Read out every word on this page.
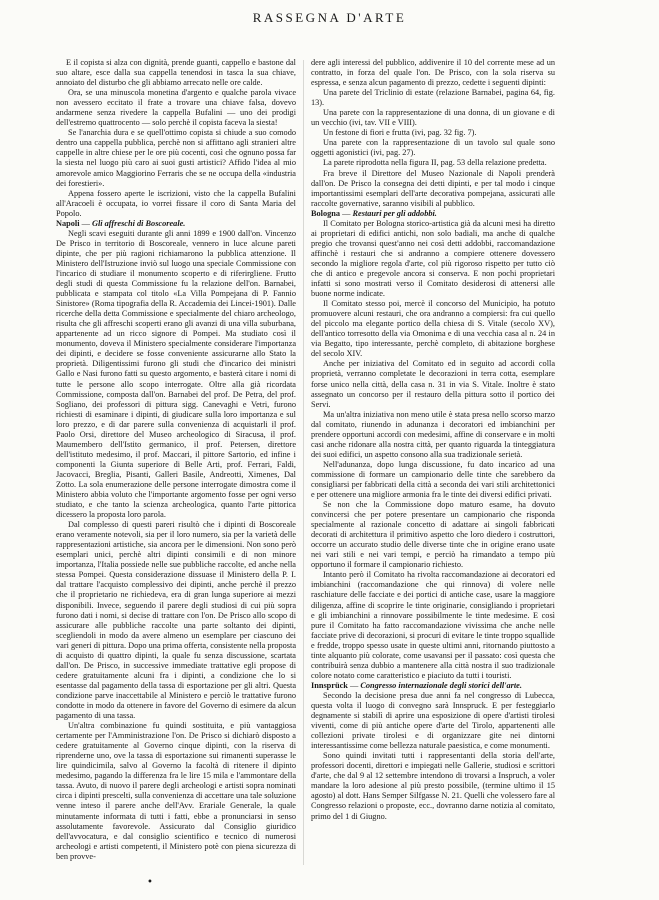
RASSEGNA D'ARTE

E il copista si alza con dignità, prende guanti, cappello e bastone dal suo altare, esce dalla sua cappella tenendosi in tasca la sua chiave, annoiato del disturbo che gli abbiamo arrecato nelle ore calde.

Ora, se una minuscola monetina d'argento e qualche parola vivace non avessero eccitato il frate a trovare una chiave falsa, dovevo andarmene senza rivedere la cappella Bufalini — uno dei prodigi dell'estremo quattrocento — solo perchè il copista faceva la siesta!

Se l'anarchia dura e se quell'ottimo copista si chiude a suo comodo dentro una cappella pubblica, perchè non si affittano agli stranieri altre cappelle in altre chiese per le ore più cocenti, così che ognuno possa far la siesta nel luogo più caro ai suoi gusti artistici? Affido l'idea al mio amorevole amico Maggiorino Ferraris che se ne occupa della «industria dei forestieri».

Appena fossero aperte le iscrizioni, visto che la cappella Bufalini all'Aracoeli è occupata, io vorrei fissare il coro di Santa Maria del Popolo.

Napoli — Gli affreschi di Boscoreale.

Negli scavi eseguiti durante gli anni 1899 e 1900 dall'on. Vincenzo De Prisco in territorio di Boscoreale, vennero in luce alcune pareti dipinte, che per più ragioni richiamarono la pubblica attenzione. Il Ministero dell'Istruzione inviò sul luogo una speciale Commissione con l'incarico di studiare il monumento scoperto e di riferirgliene. Frutto degli studi di questa Commissione fu la relazione dell'on. Barnabei, pubblicata e stampata col titolo «La Villa Pompejana di P. Fannio Sinistore» (Roma tipografia della R. Accademia dei Lincei-1901). Dalle ricerche della detta Commissione e specialmente del chiaro archeologo, risulta che gli affreschi scoperti erano gli avanzi di una villa suburbana, appartenente ad un ricco signore di Pompei. Ma studiato così il monumento, doveva il Ministero specialmente considerare l'importanza dei dipinti, e decidere se fosse conveniente assicurarne allo Stato la proprietà. Diligentissimi furono gli studi che d'incarico dei ministri Gallo e Nasi furono fatti su questo argomento, e basterà citare i nomi di tutte le persone allo scopo interrogate. Oltre alla già ricordata Commissione, composta dall'on. Barnabei del prof. De Petra, del prof. Sogliano, dei professori di pittura sigg. Canevaghi e Vetri, furono richiesti di esaminare i dipinti, di giudicare sulla loro importanza e sul loro prezzo, e di dar parere sulla convenienza di acquistarli il prof. Paolo Orsi, direttore del Museo archeologico di Siracusa, il prof. Maumembero dell'Istito germanico, il prof. Petersen, direttore dell'istituto medesimo, il prof. Maccari, il pittore Sartorio, ed infine i componenti la Giunta superiore di Belle Arti, prof. Ferrari, Faldi, Jacovacci, Breglia, Pisanti, Galleri Basile, Andreotti, Ximenes, Dal Zotto. La sola enumerazione delle persone interrogate dimostra come il Ministero abbia voluto che l'importante argomento fosse per ogni verso studiato, e che tanto la scienza archeologica, quanto l'arte pittorica dicessero la proposta loro parola.

Dal complesso di questi pareri risultò che i dipinti di Boscoreale erano veramente notevoli, sia per il loro numero, sia per la varietà delle rappresentazioni artistiche, sia ancora per le dimensioni. Non sono però esemplari unici, perchè altri dipinti consimili e di non minore importanza, l'Italia possiede nelle sue pubbliche raccolte, ed anche nella stessa Pompei. Questa considerazione dissuase il Ministero della P. I. dal trattare l'acquisto complessivo dei dipinti, anche perchè il prezzo che il proprietario ne richiedeva, era di gran lunga superiore ai mezzi disponibili. Invece, seguendo il parere degli studiosi di cui più sopra furono dati i nomi, si decise di trattare con l'on. De Prisco allo scopo di assicurare alle pubbliche raccolte una parte soltanto dei dipinti, scegliendoli in modo da avere almeno un esemplare per ciascuno dei vari generi di pittura. Dopo una prima offerta, consistente nella proposta di acquisto di quattro dipinti, la quale fu senza discussione, scartata dall'on. De Prisco, in successive immediate trattative egli propose di cedere gratuitamente alcuni fra i dipinti, a condizione che lo si esentasse dal pagamento della tassa di esportazione per gli altri. Questa condizione parve inaccettabile al Ministero e perciò le trattative furono condotte in modo da ottenere in favore del Governo di esimere da alcun pagamento di una tassa.

Un'altra combinazione fu quindi sostituita, e più vantaggiosa certamente per l'Amministrazione l'on. De Prisco si dichiarò disposto a cedere gratuitamente al Governo cinque dipinti, con la riserva di riprenderne uno, ove la tassa di esportazione sui rimanenti superasse le lire quindicimila, salvo al Governo la facoltà di ritenere il dipinto medesimo, pagando la differenza fra le lire 15 mila e l'ammontare della tassa. Avuto, di nuovo il parere degli archeologi e artisti sopra nominati circa i dipinti prescelti, sulla convenienza di accettare una tale soluzione venne inteso il parere anche dell'Avv. Erariale Generale, la quale minutamente informata di tutti i fatti, ebbe a pronunciarsi in senso assolutamente favorevole. Assicurato dal Consiglio giuridico dell'avvocatura, e dal consiglio scientifico e tecnico di numerosi archeologi e artisti competenti, il Ministero potè con piena sicurezza di ben provve-

dere agli interessi del pubblico, addivenire il 10 del corrente mese ad un contratto, in forza del quale l'on. De Prisco, con la sola riserva su espressa, e senza alcun pagamento di prezzo, cedette i seguenti dipinti:

Una parete del Triclinio di estate (relazione Barnabei, pagina 64, fig. 13).

Una parete con la rappresentazione di una donna, di un giovane e di un vecchio (ivi, tav. VII e VIII).

Un festone di fiori e frutta (ivi, pag. 32 fig. 7).

Una parete con la rappresentazione di un tavolo sul quale sono oggetti agonistici (ivi, pag. 27).

La parete riprodotta nella figura II, pag. 53 della relazione predetta.

Fra breve il Direttore del Museo Nazionale di Napoli prenderà dall'on. De Prisco la consegna dei detti dipinti, e per tal modo i cinque importantissimi esemplari dell'arte decorativa pompejana, assicurati alle raccolte governative, saranno visibili al pubblico.

Bologna — Restauri per gli addobbi.

Il Comitato per Bologna storico-artistica già da alcuni mesi ha diretto ai proprietari di edifici antichi, non solo badiali, ma anche di qualche pregio che trovansi quest'anno nei così detti addobbi, raccomandazione affinchè i restauri che si andranno a compiere ottenere dovessero secondo la migliore regola d'arte, col più rigoroso rispetto per tutto ciò che di antico e pregevole ancora si conserva. E non pochi proprietari infatti si sono mostrati verso il Comitato desiderosi di attenersi alle buone norme indicate.

Il Comitato stesso poi, mercè il concorso del Municipio, ha potuto promuovere alcuni restauri, che ora andranno a compiersi: fra cui quello del piccolo ma elegante portico della chiesa di S. Vitale (secolo XV), dell'antico torresotto della via Omonima e di una vecchia casa al n. 24 in via Begatto, tipo interessante, perchè completo, di abitazione borghese del secolo XIV.

Anche per iniziativa del Comitato ed in seguito ad accordi colla proprietà, verranno completate le decorazioni in terra cotta, esemplare forse unico nella città, della casa n. 31 in via S. Vitale. Inoltre è stato assegnato un concorso per il restauro della pittura sotto il portico dei Servi.

Ma un'altra iniziativa non meno utile è stata presa nello scorso marzo dal comitato, riunendo in adunanza i decoratori ed imbianchini per prendere opportuni accordi con medesimi, affine di conservare e in molti casi anche ridonare alla nostra città, per quanto riguarda la tinteggiatura dei suoi edifici, un aspetto consono alla sua tradizionale serietà.

Nell'adunanza, dopo lunga discussione, fu dato incarico ad una commissione di formare un campionario delle tinte che sarebbero da consigliarsi per fabbricati della città a seconda dei vari stili architettonici e per ottenere una migliore armonia fra le tinte dei diversi edifici privati.

Se non che la Commissione dopo maturo esame, ha dovuto convincersi che per potere presentare un campionario che risponda specialmente al razionale concetto di adattare ai singoli fabbricati decorati di architettura il primitivo aspetto che loro diedero i costruttori, occorre un accurato studio delle diverse tinte che in origine erano usate nei vari stili e nei vari tempi, e perciò ha rimandato a tempo più opportuno il formare il campionario richiesto.

Intanto però il Comitato ha rivolta raccomandazione ai decoratori ed imbianchini (raccomandazione che qui rinnova) di volere nelle raschiature delle facciate e dei portici di antiche case, usare la maggiore diligenza, affine di scoprire le tinte originarie, consigliando i proprietari e gli imbianchini a rinnovare possibilmente le tinte medesime. E così pure il Comitato ha fatto raccomandazione vivissima che anche nelle facciate prive di decorazioni, si procuri di evitare le tinte troppo squallide e fredde, troppo spesso usate in queste ultimi anni, ritornando piuttosto a tinte alquanto più colorate, come usavansi per il passato: così questa che contribuirà senza dubbio a mantenere alla città nostra il suo tradizionale colore notato come caratteristico e piaciuto da tutti i touristi.

Innsprück — Congresso internazionale degli storici dell'arte.

Secondo la decisione presa due anni fa nel congresso di Lubecca, questa volta il luogo di convegno sarà Innspruck. E per festeggiarlo degnamente si stabilì di aprire una esposizione di opere d'artisti tirolesi viventi, come di più antiche opere d'arte del Tirolo, appartenenti alle collezioni private tirolesi e di organizzare gite nei dintorni interessantissime come bellezza naturale paesistica, e come monumenti.

Sono quindi invitati tutti i rappresentanti della storia dell'arte, professori docenti, direttori e impiegati nelle Gallerie, studiosi e scrittori d'arte, che dal 9 al 12 settembre intendono di trovarsi a Inspruch, a voler mandare la loro adesione al più presto possibile, (termine ultimo il 15 agosto) al dott. Hans Semper Silfgasse N. 21. Quelli che volessero fare al Congresso relazioni o proposte, ecc., dovranno darne notizia al comitato, primo del 1 di Giugno.

•
